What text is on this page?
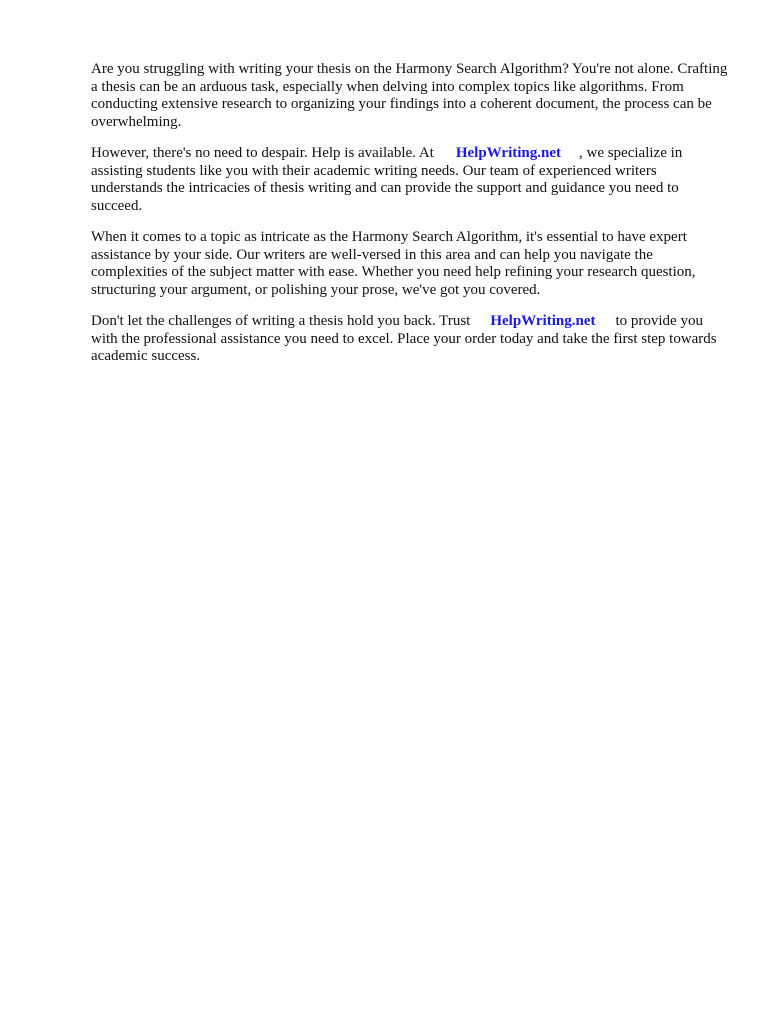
Are you struggling with writing your thesis on the Harmony Search Algorithm? You're not alone. Crafting a thesis can be an arduous task, especially when delving into complex topics like algorithms. From conducting extensive research to organizing your findings into a coherent document, the process can be overwhelming.

However, there's no need to despair. Help is available. At HelpWriting.net , we specialize in assisting students like you with their academic writing needs. Our team of experienced writers understands the intricacies of thesis writing and can provide the support and guidance you need to succeed.

When it comes to a topic as intricate as the Harmony Search Algorithm, it's essential to have expert assistance by your side. Our writers are well-versed in this area and can help you navigate the complexities of the subject matter with ease. Whether you need help refining your research question, structuring your argument, or polishing your prose, we've got you covered.

Don't let the challenges of writing a thesis hold you back. Trust HelpWriting.net to provide you with the professional assistance you need to excel. Place your order today and take the first step towards academic success.
